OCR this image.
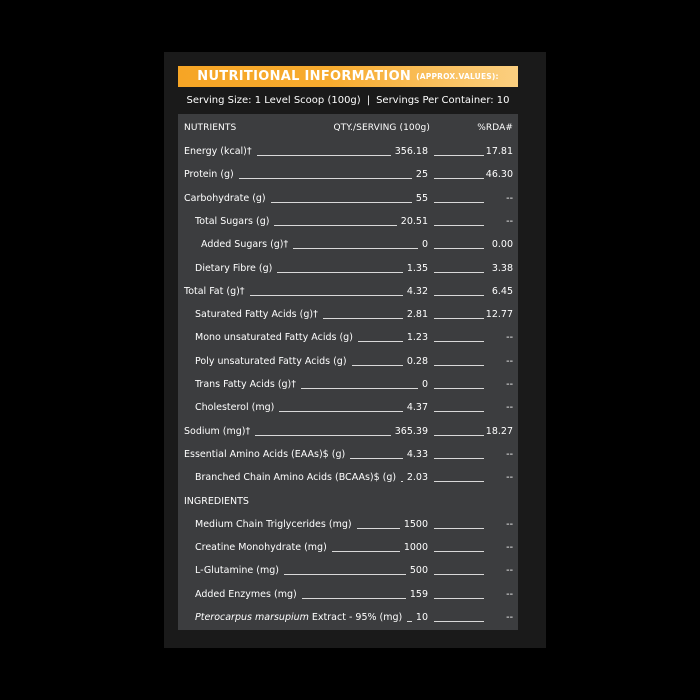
NUTRITIONAL INFORMATION (APPROX.VALUES):
Serving Size: 1 Level Scoop (100g) | Servings Per Container: 10
NUTRIENTS	QTY./SERVING (100g)	%RDA#
Energy (kcal)†	356.18	17.81
Protein (g)	25	46.30
Carbohydrate (g)	55	--
Total Sugars (g)	20.51	--
Added Sugars (g)†	0	0.00
Dietary Fibre (g)	1.35	3.38
Total Fat (g)†	4.32	6.45
Saturated Fatty Acids (g)†	2.81	12.77
Mono unsaturated Fatty Acids (g)	1.23	--
Poly unsaturated Fatty Acids (g)	0.28	--
Trans Fatty Acids (g)†	0	--
Cholesterol (mg)	4.37	--
Sodium (mg)†	365.39	18.27
Essential Amino Acids (EAAs)$ (g)	4.33	--
Branched Chain Amino Acids (BCAAs)$ (g)	2.03	--
INGREDIENTS
Medium Chain Triglycerides (mg)	1500	--
Creatine Monohydrate (mg)	1000	--
L-Glutamine (mg)	500	--
Added Enzymes (mg)	159	--
Pterocarpus marsupium Extract - 95% (mg)	10	--
